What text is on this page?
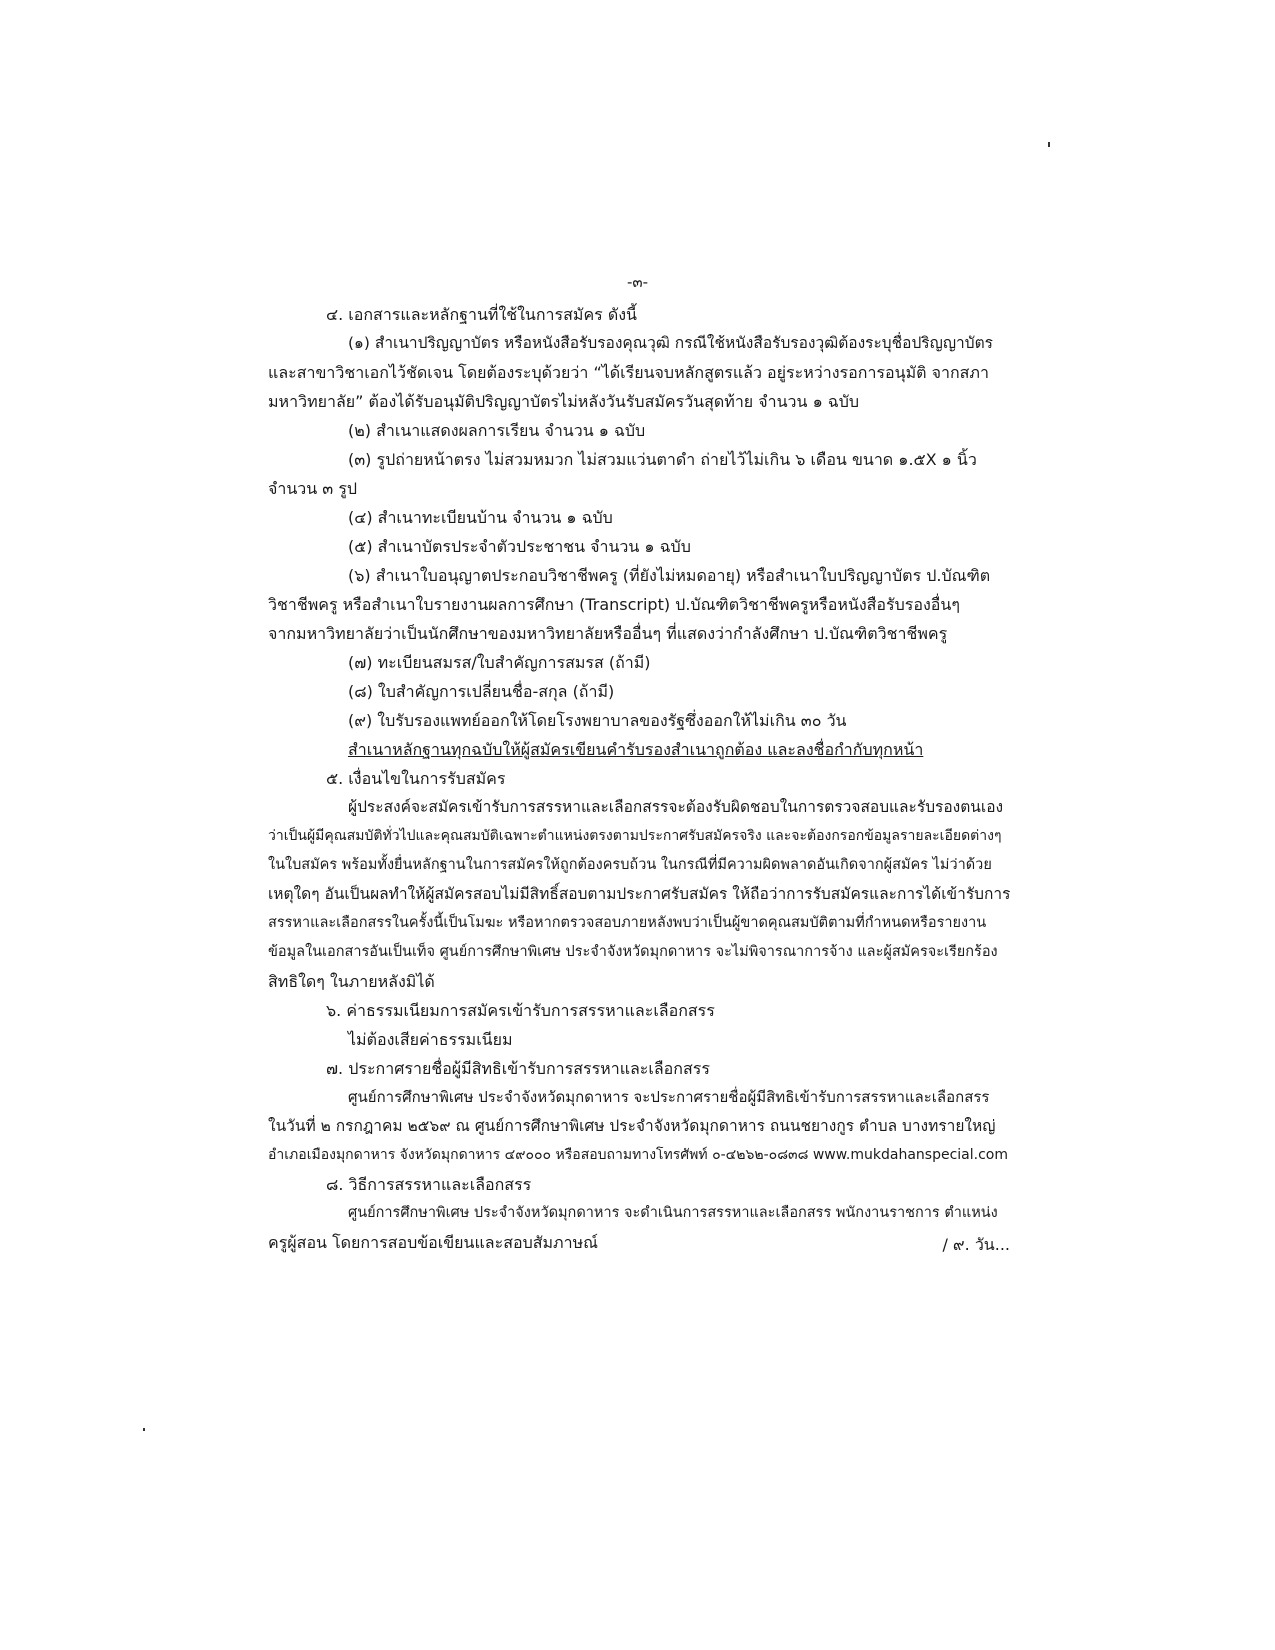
-๓-
๔. เอกสารและหลักฐานที่ใช้ในการสมัคร ดังนี้
(๑) สำเนาปริญญาบัตร หรือหนังสือรับรองคุณวุฒิ กรณีใช้หนังสือรับรองวุฒิต้องระบุชื่อปริญญาบัตร
และสาขาวิชาเอกไว้ชัดเจน โดยต้องระบุด้วยว่า “ได้เรียนจบหลักสูตรแล้ว อยู่ระหว่างรอการอนุมัติ จากสภา
มหาวิทยาลัย” ต้องได้รับอนุมัติปริญญาบัตรไม่หลังวันรับสมัครวันสุดท้าย จำนวน ๑ ฉบับ
(๒) สำเนาแสดงผลการเรียน จำนวน ๑ ฉบับ
(๓) รูปถ่ายหน้าตรง ไม่สวมหมวก ไม่สวมแว่นตาดำ ถ่ายไว้ไม่เกิน ๖ เดือน ขนาด ๑.๕X ๑ นิ้ว
จำนวน ๓ รูป
(๔) สำเนาทะเบียนบ้าน จำนวน ๑ ฉบับ
(๕) สำเนาบัตรประจำตัวประชาชน จำนวน ๑ ฉบับ
(๖) สำเนาใบอนุญาตประกอบวิชาชีพครู (ที่ยังไม่หมดอายุ) หรือสำเนาใบปริญญาบัตร ป.บัณฑิต
วิชาชีพครู หรือสำเนาใบรายงานผลการศึกษา (Transcript) ป.บัณฑิตวิชาชีพครูหรือหนังสือรับรองอื่นๆ
จากมหาวิทยาลัยว่าเป็นนักศึกษาของมหาวิทยาลัยหรืออื่นๆ ที่แสดงว่ากำลังศึกษา ป.บัณฑิตวิชาชีพครู
(๗) ทะเบียนสมรส/ใบสำคัญการสมรส (ถ้ามี)
(๘) ใบสำคัญการเปลี่ยนชื่อ-สกุล (ถ้ามี)
(๙) ใบรับรองแพทย์ออกให้โดยโรงพยาบาลของรัฐซึ่งออกให้ไม่เกิน ๓๐ วัน
สำเนาหลักฐานทุกฉบับให้ผู้สมัครเขียนคำรับรองสำเนาถูกต้อง และลงชื่อกำกับทุกหน้า
๕. เงื่อนไขในการรับสมัคร
ผู้ประสงค์จะสมัครเข้ารับการสรรหาและเลือกสรรจะต้องรับผิดชอบในการตรวจสอบและรับรองตนเอง
ว่าเป็นผู้มีคุณสมบัติทั่วไปและคุณสมบัติเฉพาะตำแหน่งตรงตามประกาศรับสมัครจริง และจะต้องกรอกข้อมูลรายละเอียดต่างๆ
ในใบสมัคร พร้อมทั้งยื่นหลักฐานในการสมัครให้ถูกต้องครบถ้วน ในกรณีที่มีความผิดพลาดอันเกิดจากผู้สมัคร ไม่ว่าด้วย
เหตุใดๆ อันเป็นผลทำให้ผู้สมัครสอบไม่มีสิทธิ์สอบตามประกาศรับสมัคร ให้ถือว่าการรับสมัครและการได้เข้ารับการ
สรรหาและเลือกสรรในครั้งนี้เป็นโมฆะ หรือหากตรวจสอบภายหลังพบว่าเป็นผู้ขาดคุณสมบัติตามที่กำหนดหรือรายงาน
ข้อมูลในเอกสารอันเป็นเท็จ ศูนย์การศึกษาพิเศษ ประจำจังหวัดมุกดาหาร จะไม่พิจารณาการจ้าง และผู้สมัครจะเรียกร้อง
สิทธิใดๆ ในภายหลังมิได้
๖. ค่าธรรมเนียมการสมัครเข้ารับการสรรหาและเลือกสรร
ไม่ต้องเสียค่าธรรมเนียม
๗. ประกาศรายชื่อผู้มีสิทธิเข้ารับการสรรหาและเลือกสรร
ศูนย์การศึกษาพิเศษ ประจำจังหวัดมุกดาหาร จะประกาศรายชื่อผู้มีสิทธิเข้ารับการสรรหาและเลือกสรร
ในวันที่ ๒ กรกฎาคม ๒๕๖๙ ณ ศูนย์การศึกษาพิเศษ ประจำจังหวัดมุกดาหาร ถนนชยางกูร ตำบล บางทรายใหญ่
อำเภอเมืองมุกดาหาร จังหวัดมุกดาหาร ๔๙๐๐๐ หรือสอบถามทางโทรศัพท์ ๐-๔๒๖๒-๐๘๓๘ www.mukdahanspecial.com
๘. วิธีการสรรหาและเลือกสรร
ศูนย์การศึกษาพิเศษ ประจำจังหวัดมุกดาหาร จะดำเนินการสรรหาและเลือกสรร พนักงานราชการ ตำแหน่ง
ครูผู้สอน โดยการสอบข้อเขียนและสอบสัมภาษณ์	/ ๙. วัน...
